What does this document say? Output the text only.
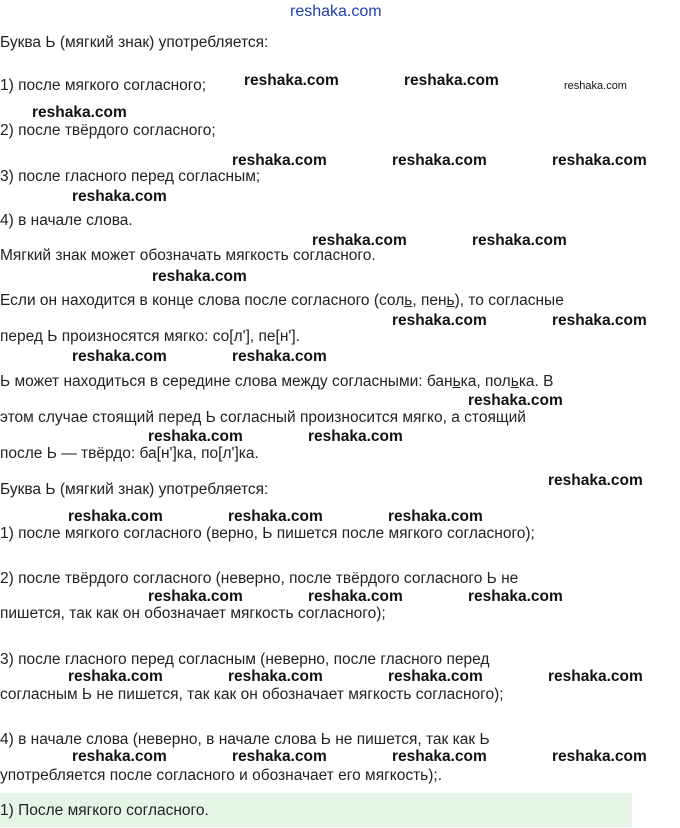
reshaka.com
Буква Ь (мягкий знак) употребляется:
1) после мягкого согласного;
2) после твёрдого согласного;
3) после гласного перед согласным;
4) в начале слова.
Мягкий знак может обозначать мягкость согласного.
Если он находится в конце слова после согласного (соль, пень), то согласные
перед Ь произносятся мягко: со[л'], пе[н'].
Ь может находиться в середине слова между согласными: банька, полька. В
этом случае стоящий перед Ь согласный произносится мягко, а стоящий
после Ь — твёрдо: ба[н']ка, по[л']ка.
Буква Ь (мягкий знак) употребляется:
1) после мягкого согласного (верно, Ь пишется после мягкого согласного);
2) после твёрдого согласного (неверно, после твёрдого согласного Ь не
пишется, так как он обозначает мягкость согласного);
3) после гласного перед согласным (неверно, после гласного перед
согласным Ь не пишется, так как он обозначает мягкость согласного);
4) в начале слова (неверно, в начале слова Ь не пишется, так как Ь
употребляется после согласного и обозначает его мягкость);.
1) После мягкого согласного.
reshaka.com	reshaka.com	reshaka.com
reshaka.com
reshaka.com	reshaka.com	reshaka.com
reshaka.com
reshaka.com	reshaka.com
reshaka.com
reshaka.com	reshaka.com
reshaka.com	reshaka.com
reshaka.com
reshaka.com	reshaka.com
reshaka.com
reshaka.com	reshaka.com	reshaka.com
reshaka.com	reshaka.com	reshaka.com
reshaka.com	reshaka.com	reshaka.com	reshaka.com
reshaka.com	reshaka.com	reshaka.com	reshaka.com
